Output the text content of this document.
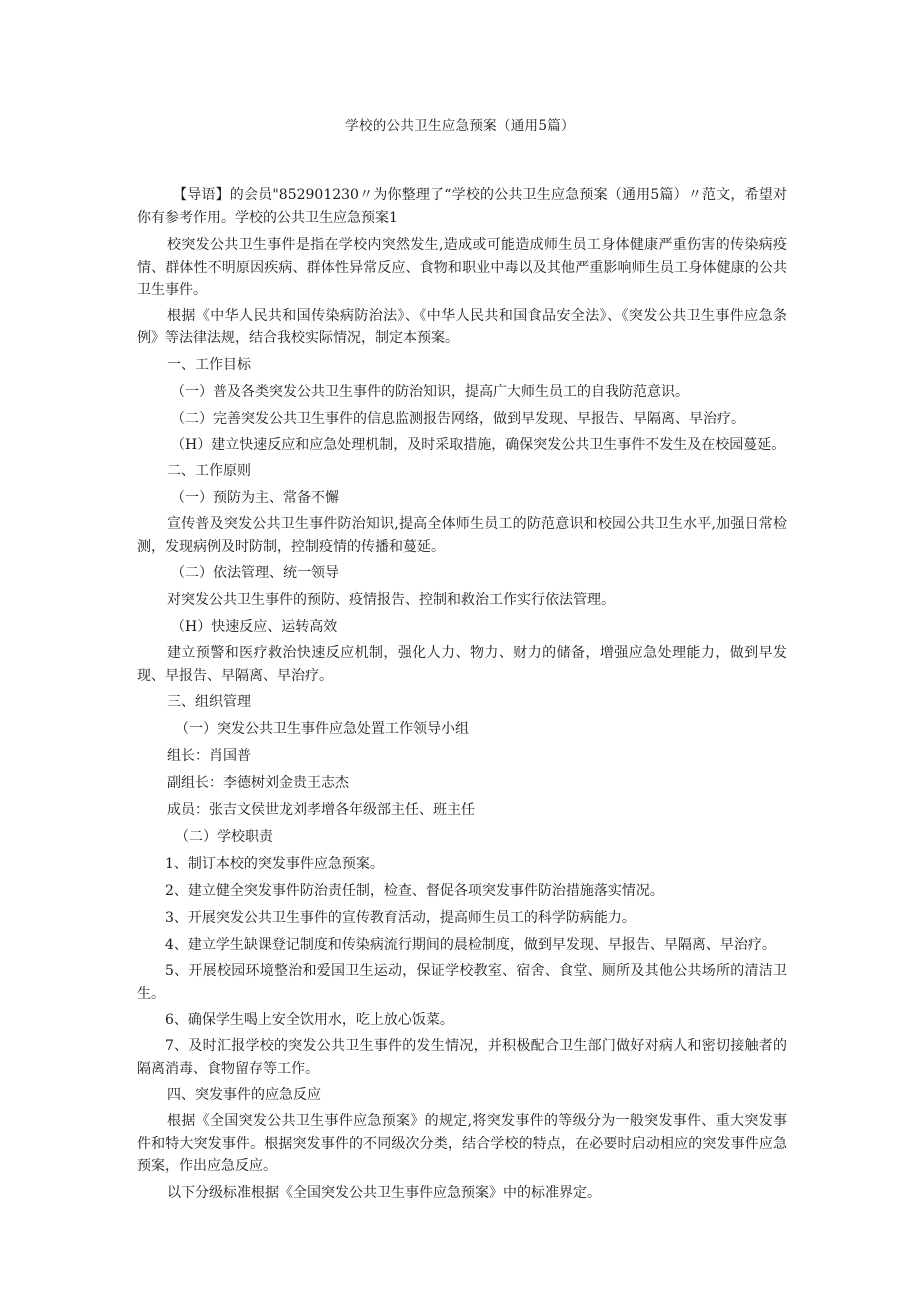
学校的公共卫生应急预案（通用5篇）

【导语】的会员"852901230〃为你整理了“学校的公共卫生应急预案（通用5篇）〃范文，希望对你有参考作用。学校的公共卫生应急预案1

校突发公共卫生事件是指在学校内突然发生,造成或可能造成师生员工身体健康严重伤害的传染病疫情、群体性不明原因疾病、群体性异常反应、食物和职业中毒以及其他严重影响师生员工身体健康的公共卫生事件。

根据《中华人民共和国传染病防治法》、《中华人民共和国食品安全法》、《突发公共卫生事件应急条例》等法律法规，结合我校实际情况，制定本预案。

一、工作目标

（一）普及各类突发公共卫生事件的防治知识，提高广大师生员工的自我防范意识。

（二）完善突发公共卫生事件的信息监测报告网络，做到早发现、早报告、早隔离、早治疗。

（H）建立快速反应和应急处理机制，及时采取措施，确保突发公共卫生事件不发生及在校园蔓延。

二、工作原则

（一）预防为主、常备不懈

宣传普及突发公共卫生事件防治知识,提高全体师生员工的防范意识和校园公共卫生水平,加强日常检测，发现病例及时防制，控制疫情的传播和蔓延。

（二）依法管理、统一领导

对突发公共卫生事件的预防、疫情报告、控制和救治工作实行依法管理。

（H）快速反应、运转高效

建立预警和医疗救治快速反应机制，强化人力、物力、财力的储备，增强应急处理能力，做到早发现、早报告、早隔离、早治疗。

三、组织管理

（一）突发公共卫生事件应急处置工作领导小组

组长：肖国普

副组长：李德树刘金贵王志杰

成员：张吉文侯世龙刘孝增各年级部主任、班主任

（二）学校职责

1、制订本校的突发事件应急预案。

2、建立健全突发事件防治责任制，检查、督促各项突发事件防治措施落实情况。

3、开展突发公共卫生事件的宣传教育活动，提高师生员工的科学防病能力。

4、建立学生缺课登记制度和传染病流行期间的晨检制度，做到早发现、早报告、早隔离、早治疗。

5、开展校园环境整治和爱国卫生运动，保证学校教室、宿舍、食堂、厕所及其他公共场所的清洁卫生。

6、确保学生喝上安全饮用水，吃上放心饭菜。

7、及时汇报学校的突发公共卫生事件的发生情况，并积极配合卫生部门做好对病人和密切接触者的隔离消毒、食物留存等工作。

四、突发事件的应急反应

根据《全国突发公共卫生事件应急预案》的规定,将突发事件的等级分为一般突发事件、重大突发事件和特大突发事件。根据突发事件的不同级次分类，结合学校的特点，在必要时启动相应的突发事件应急预案，作出应急反应。

以下分级标准根据《全国突发公共卫生事件应急预案》中的标准界定。
